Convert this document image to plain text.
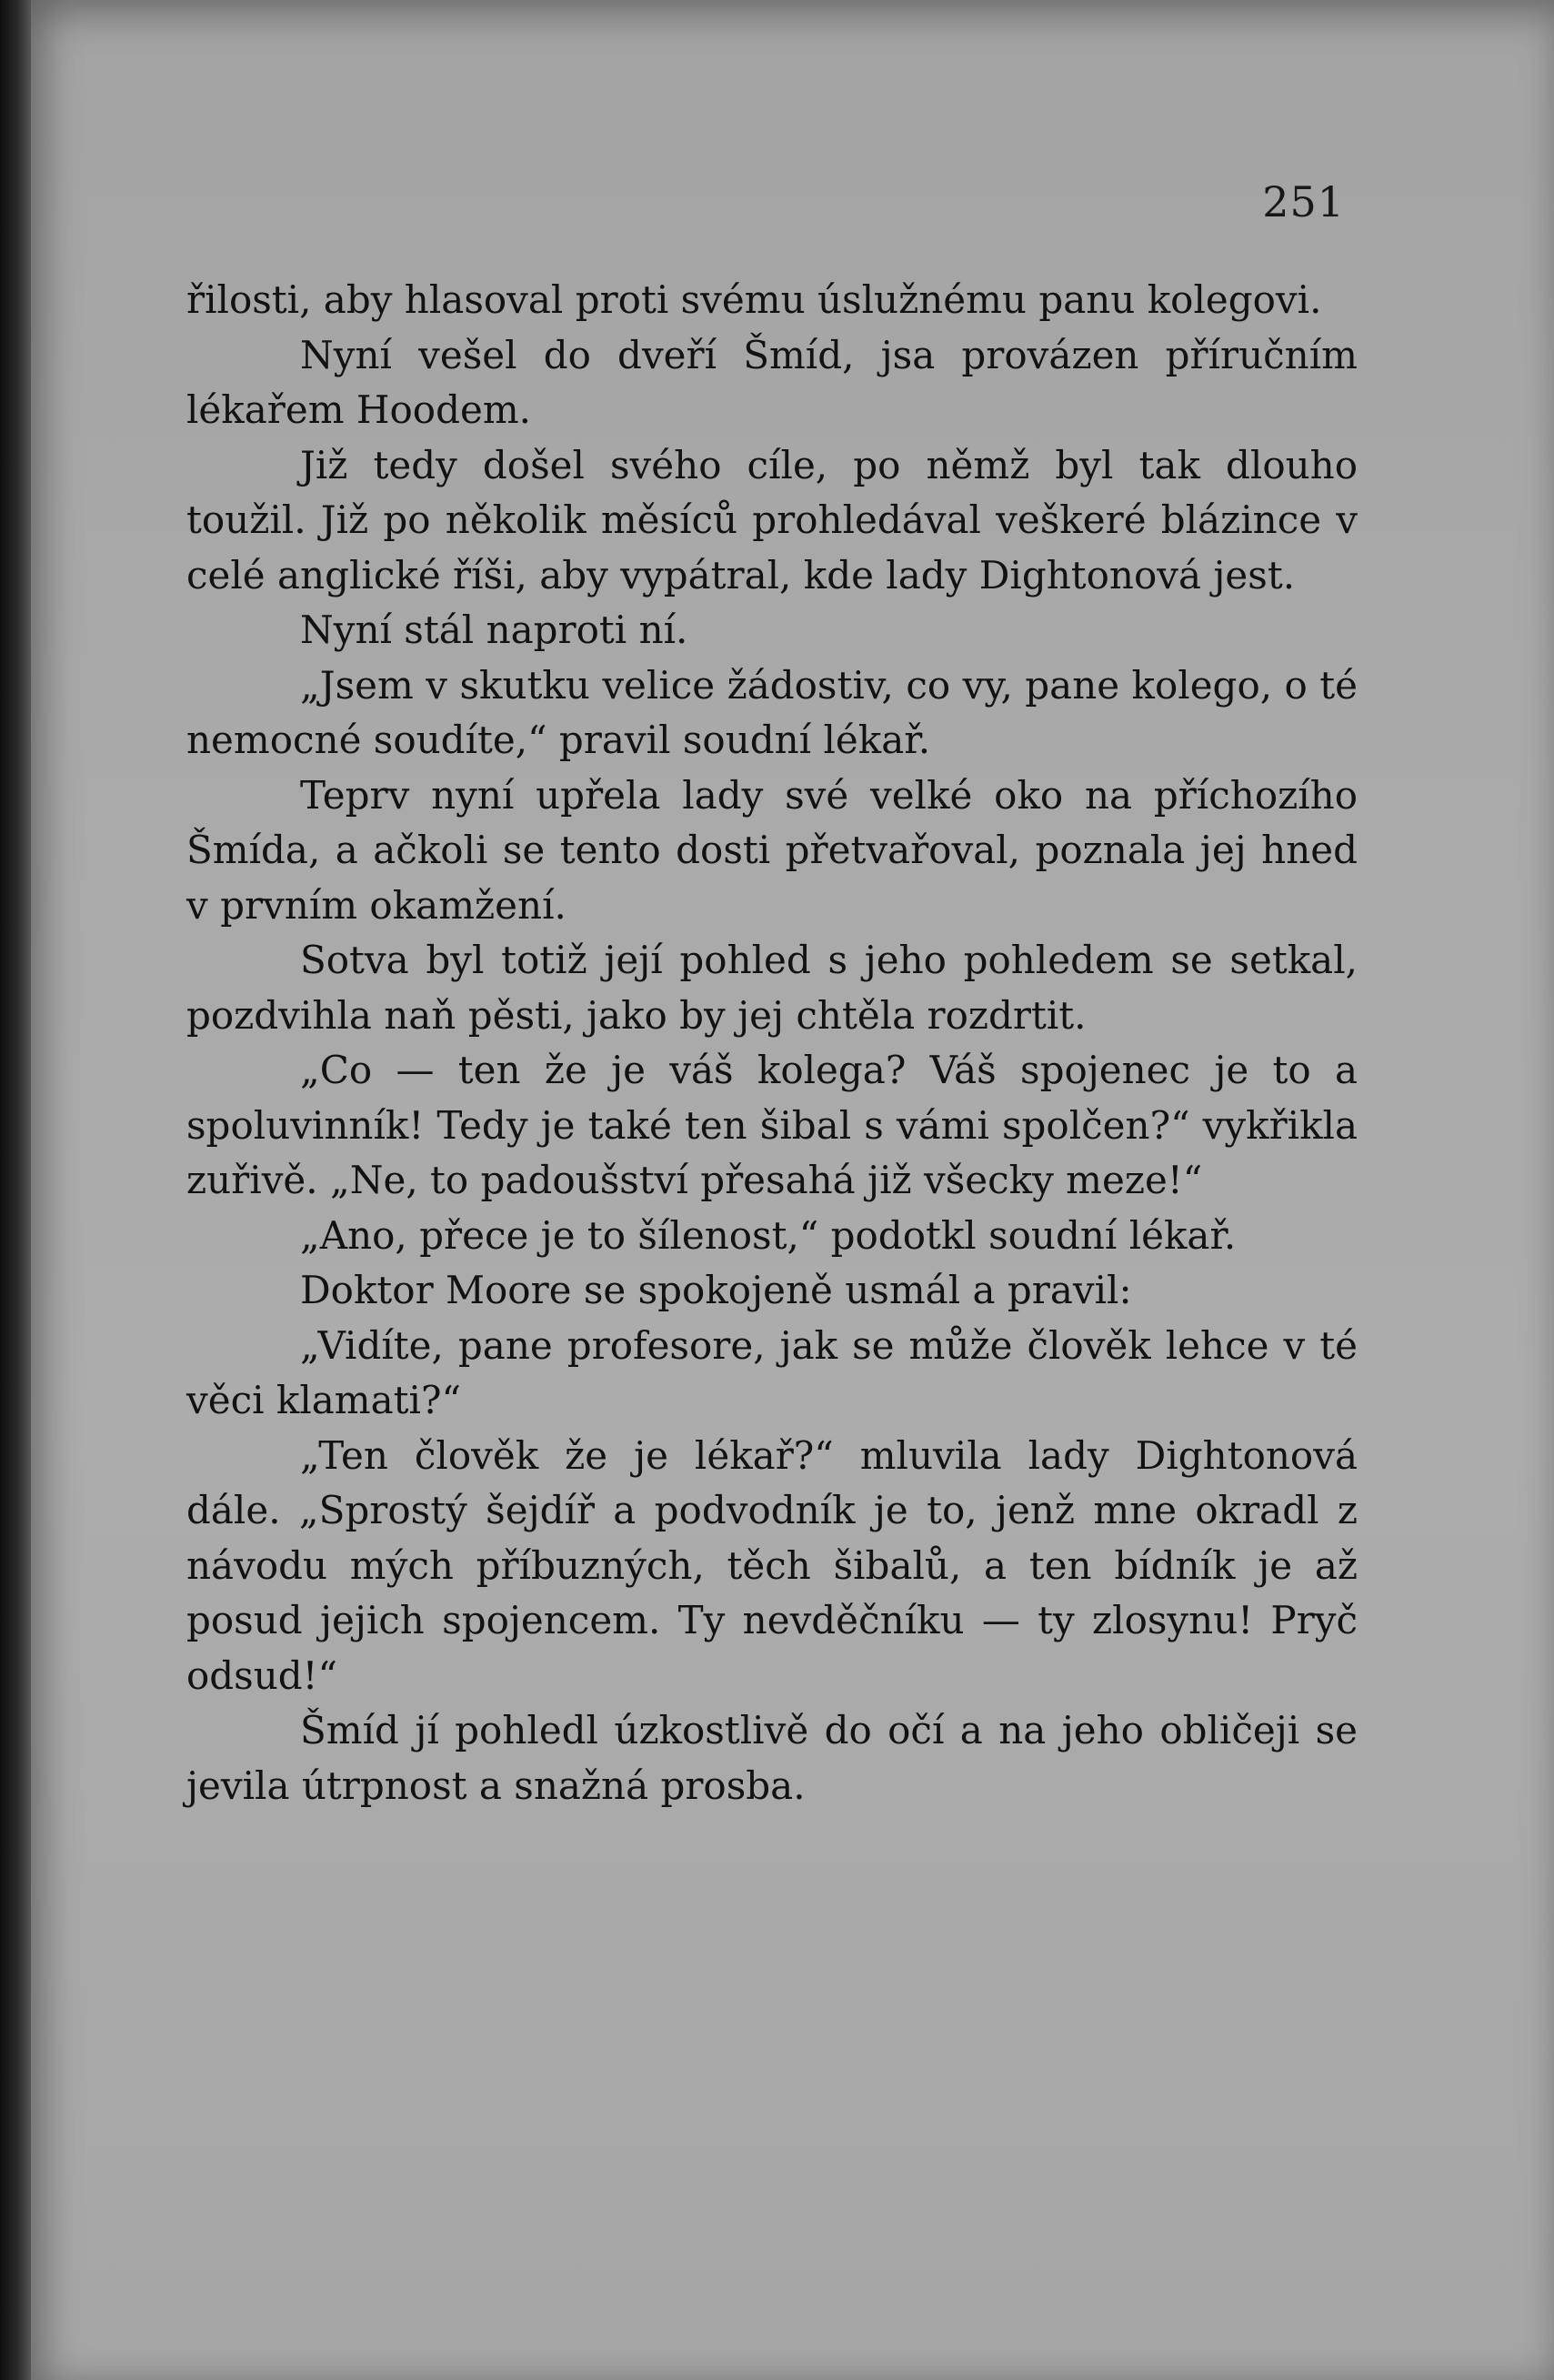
251

řilosti, aby hlasoval proti svému úslužnému panu kolegovi.

Nyní vešel do dveří Šmíd, jsa provázen příručním lékařem Hoodem.

Již tedy došel svého cíle, po němž byl tak dlouho toužil. Již po několik měsíců prohledával veškeré blázince v celé anglické říši, aby vypátral, kde lady Dightonová jest.

Nyní stál naproti ní.

„Jsem v skutku velice žádostiv, co vy, pane kolego, o té nemocné soudíte,“ pravil soudní lékař.

Teprv nyní upřela lady své velké oko na příchozího Šmída, a ačkoli se tento dosti přetvařoval, poznala jej hned v prvním okamžení.

Sotva byl totiž její pohled s jeho pohledem se setkal, pozdvihla naň pěsti, jako by jej chtěla rozdrtit.

„Co — ten že je váš kolega? Váš spojenec je to a spoluvinník! Tedy je také ten šibal s vámi spolčen?“ vykřikla zuřivě. „Ne, to padoušství přesahá již všecky meze!“

„Ano, přece je to šílenost,“ podotkl soudní lékař.

Doktor Moore se spokojeně usmál a pravil:

„Vidíte, pane profesore, jak se může člověk lehce v té věci klamati?“

„Ten člověk že je lékař?“ mluvila lady Dightonová dále. „Sprostý šejdíř a podvodník je to, jenž mne okradl z návodu mých příbuzných, těch šibalů, a ten bídník je až posud jejich spojencem. Ty nevděčníku — ty zlosynu! Pryč odsud!“

Šmíd jí pohledl úzkostlivě do očí a na jeho obličeji se jevila útrpnost a snažná prosba.
